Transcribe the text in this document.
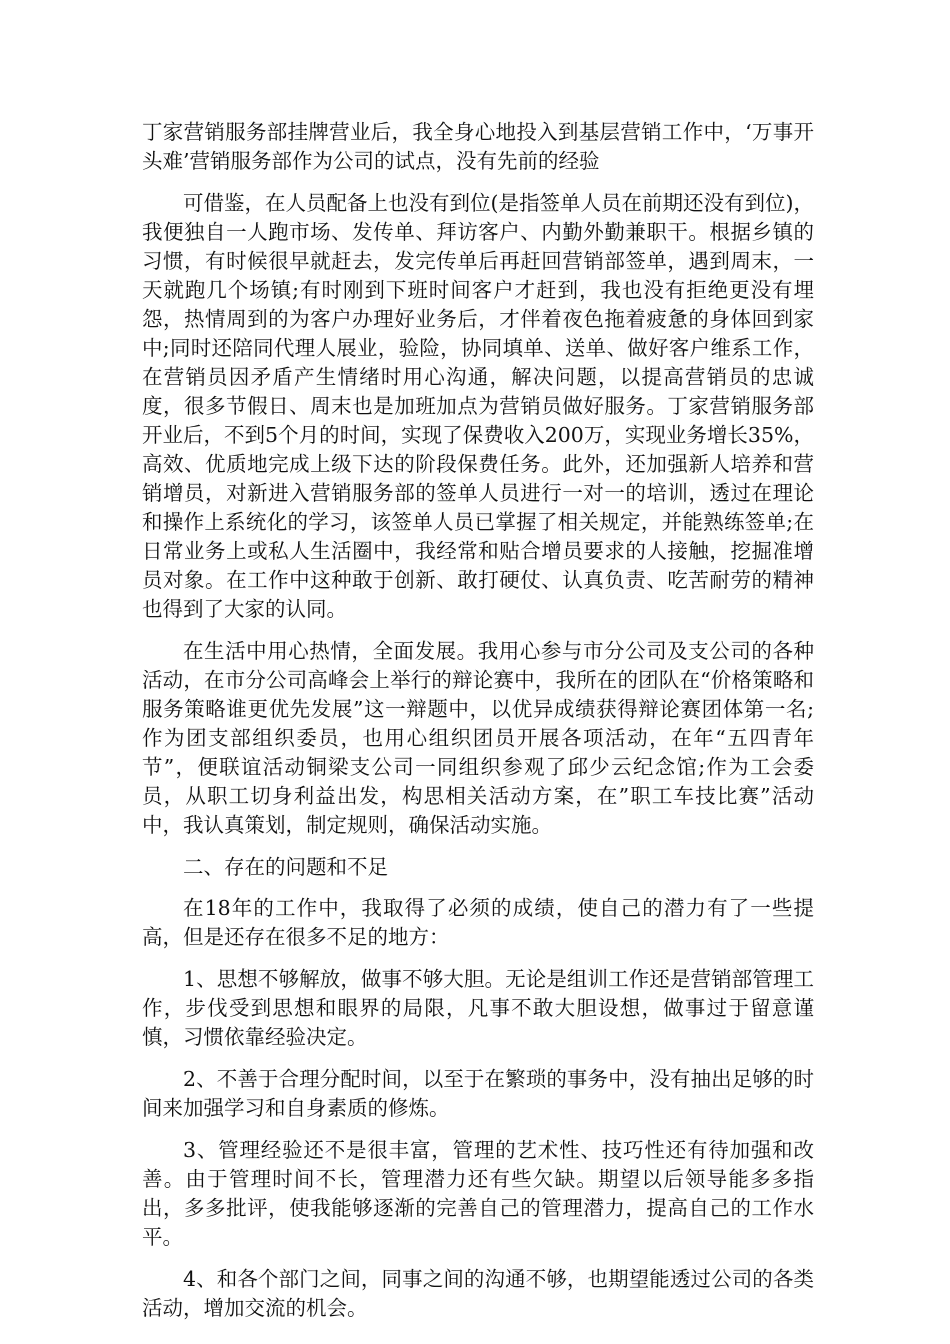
丁家营销服务部挂牌营业后，我全身心地投入到基层营销工作中，‘万事开头难’营销服务部作为公司的试点，没有先前的经验

可借鉴，在人员配备上也没有到位(是指签单人员在前期还没有到位)，我便独自一人跑市场、发传单、拜访客户、内勤外勤兼职干。根据乡镇的习惯，有时候很早就赶去，发完传单后再赶回营销部签单，遇到周末，一天就跑几个场镇;有时刚到下班时间客户才赶到，我也没有拒绝更没有埋怨，热情周到的为客户办理好业务后，才伴着夜色拖着疲惫的身体回到家中;同时还陪同代理人展业，验险，协同填单、送单、做好客户维系工作，在营销员因矛盾产生情绪时用心沟通，解决问题，以提高营销员的忠诚度，很多节假日、周末也是加班加点为营销员做好服务。丁家营销服务部开业后，不到5个月的时间，实现了保费收入200万，实现业务增长35%，高效、优质地完成上级下达的阶段保费任务。此外，还加强新人培养和营销增员，对新进入营销服务部的签单人员进行一对一的培训，透过在理论和操作上系统化的学习，该签单人员已掌握了相关规定，并能熟练签单;在日常业务上或私人生活圈中，我经常和贴合增员要求的人接触，挖掘准增员对象。在工作中这种敢于创新、敢打硬仗、认真负责、吃苦耐劳的精神也得到了大家的认同。

在生活中用心热情，全面发展。我用心参与市分公司及支公司的各种活动，在市分公司高峰会上举行的辩论赛中，我所在的团队在“价格策略和服务策略谁更优先发展”这一辩题中，以优异成绩获得辩论赛团体第一名;作为团支部组织委员，也用心组织团员开展各项活动，在年“五四青年节”，便联谊活动铜梁支公司一同组织参观了邱少云纪念馆;作为工会委员，从职工切身利益出发，构思相关活动方案，在”职工车技比赛”活动中，我认真策划，制定规则，确保活动实施。

二、存在的问题和不足

在18年的工作中，我取得了必须的成绩，使自己的潜力有了一些提高，但是还存在很多不足的地方：

1、思想不够解放，做事不够大胆。无论是组训工作还是营销部管理工作，步伐受到思想和眼界的局限，凡事不敢大胆设想，做事过于留意谨慎，习惯依靠经验决定。

2、不善于合理分配时间，以至于在繁琐的事务中，没有抽出足够的时间来加强学习和自身素质的修炼。

3、管理经验还不是很丰富，管理的艺术性、技巧性还有待加强和改善。由于管理时间不长，管理潜力还有些欠缺。期望以后领导能多多指出，多多批评，使我能够逐渐的完善自己的管理潜力，提高自己的工作水平。

4、和各个部门之间，同事之间的沟通不够，也期望能透过公司的各类活动，增加交流的机会。
